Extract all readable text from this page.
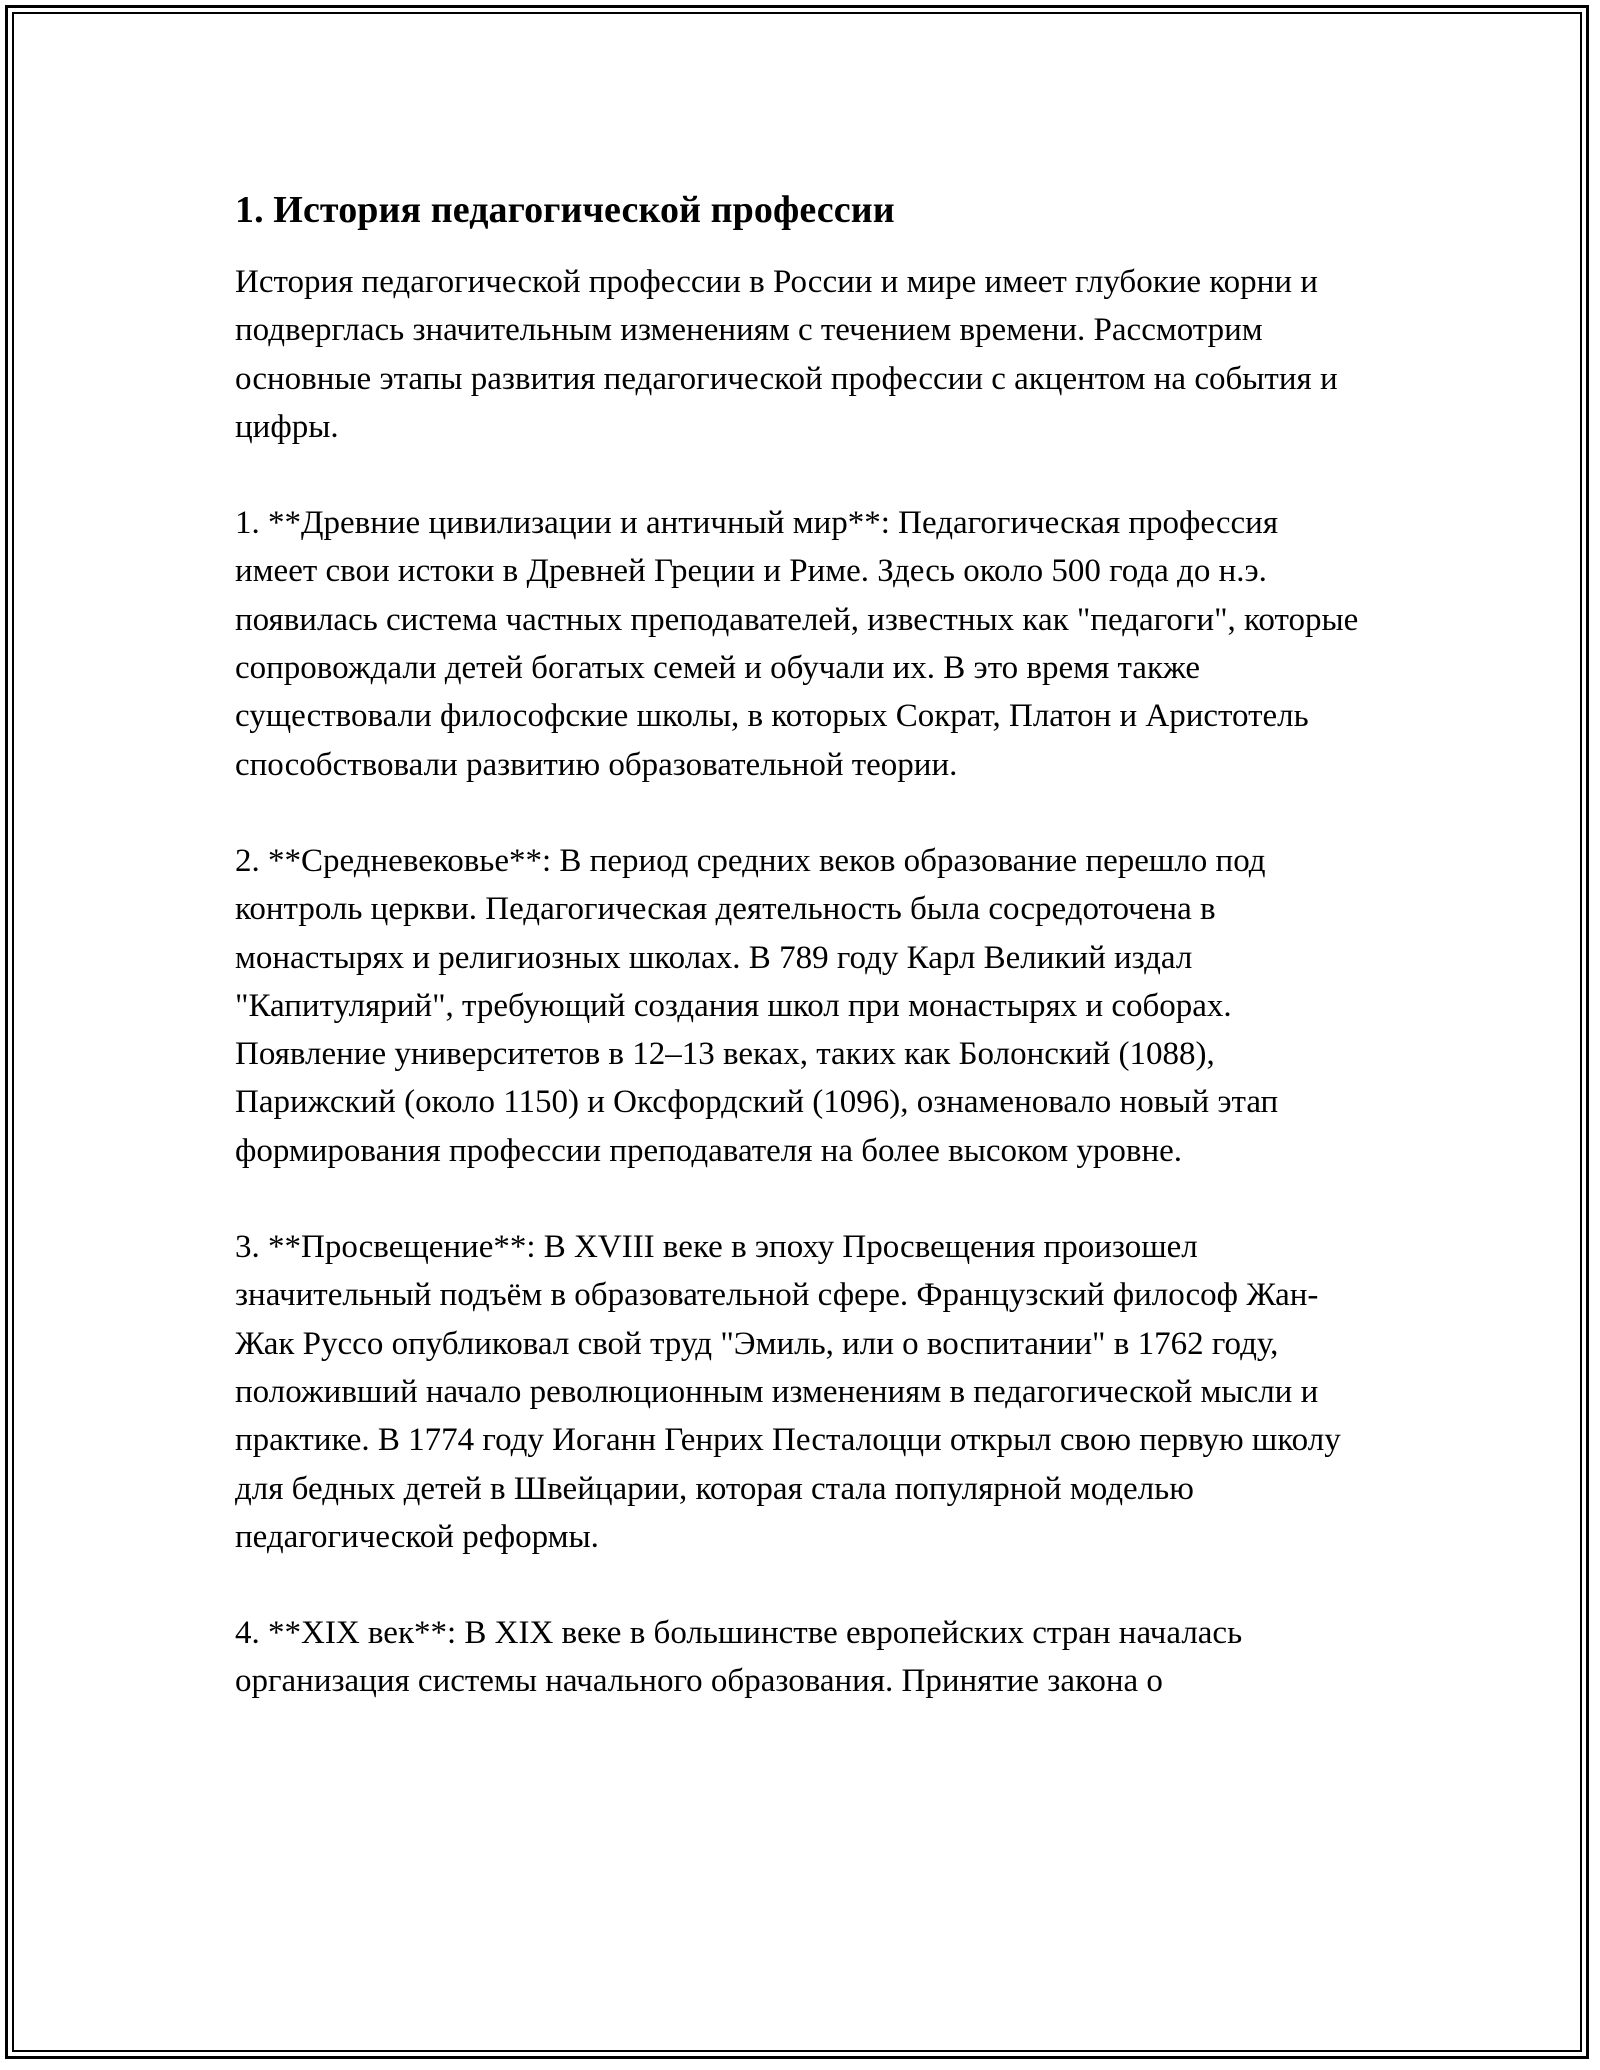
1. История педагогической профессии

История педагогической профессии в России и мире имеет глубокие корни и подверглась значительным изменениям с течением времени. Рассмотрим основные этапы развития педагогической профессии с акцентом на события и цифры.

1. **Древние цивилизации и античный мир**: Педагогическая профессия имеет свои истоки в Древней Греции и Риме. Здесь около 500 года до н.э. появилась система частных преподавателей, известных как "педагоги", которые сопровождали детей богатых семей и обучали их. В это время также существовали философские школы, в которых Сократ, Платон и Аристотель способствовали развитию образовательной теории.

2. **Средневековье**: В период средних веков образование перешло под контроль церкви. Педагогическая деятельность была сосредоточена в монастырях и религиозных школах. В 789 году Карл Великий издал "Капитулярий", требующий создания школ при монастырях и соборах. Появление университетов в 12–13 веках, таких как Болонский (1088), Парижский (около 1150) и Оксфордский (1096), ознаменовало новый этап формирования профессии преподавателя на более высоком уровне.

3. **Просвещение**: В XVIII веке в эпоху Просвещения произошел значительный подъём в образовательной сфере. Французский философ Жан-Жак Руссо опубликовал свой труд "Эмиль, или о воспитании" в 1762 году, положивший начало революционным изменениям в педагогической мысли и практике. В 1774 году Иоганн Генрих Песталоцци открыл свою первую школу для бедных детей в Швейцарии, которая стала популярной моделью педагогической реформы.

4. **XIX век**: В XIX веке в большинстве европейских стран началась организация системы начального образования. Принятие закона о
